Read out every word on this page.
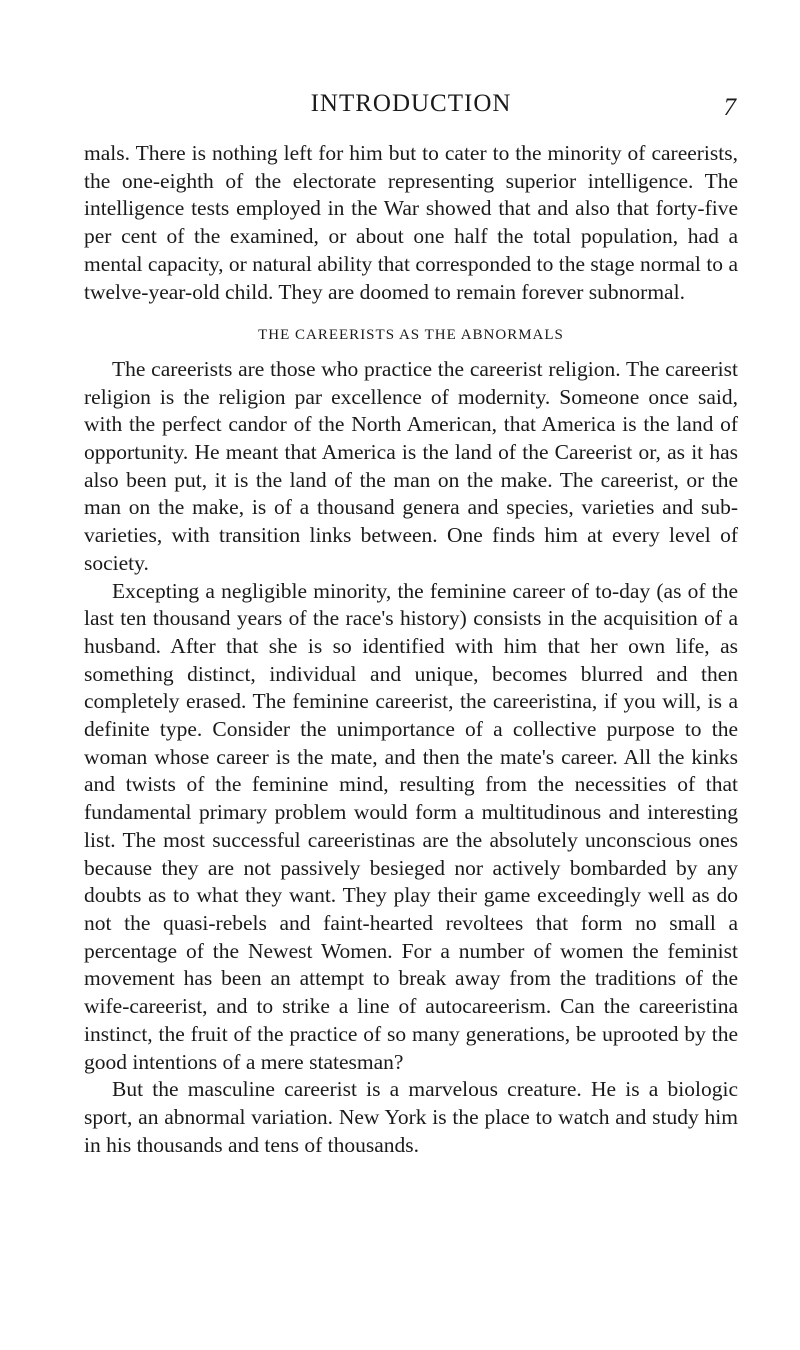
INTRODUCTION	7

mals. There is nothing left for him but to cater to the minority of careerists, the one-eighth of the electorate representing superior intelligence. The intelligence tests employed in the War showed that and also that forty-five per cent of the examined, or about one half the total population, had a mental capacity, or natural ability that corresponded to the stage normal to a twelve-year-old child. They are doomed to remain forever subnormal.

THE CAREERISTS AS THE ABNORMALS

The careerists are those who practice the careerist religion. The careerist religion is the religion par excellence of modernity. Someone once said, with the perfect candor of the North American, that America is the land of opportunity. He meant that America is the land of the Careerist or, as it has also been put, it is the land of the man on the make. The careerist, or the man on the make, is of a thousand genera and species, varieties and sub-varieties, with transition links between. One finds him at every level of society.

Excepting a negligible minority, the feminine career of to-day (as of the last ten thousand years of the race's history) consists in the acquisition of a husband. After that she is so identified with him that her own life, as something distinct, individual and unique, becomes blurred and then completely erased. The feminine careerist, the careeristina, if you will, is a definite type. Consider the unimportance of a collective purpose to the woman whose career is the mate, and then the mate's career. All the kinks and twists of the feminine mind, resulting from the necessities of that fundamental primary problem would form a multitudinous and interesting list. The most successful careeristinas are the absolutely unconscious ones because they are not passively besieged nor actively bombarded by any doubts as to what they want. They play their game exceedingly well as do not the quasi-rebels and faint-hearted revoltees that form no small a percentage of the Newest Women. For a number of women the feminist movement has been an attempt to break away from the traditions of the wife-careerist, and to strike a line of autocareerism. Can the careeristina instinct, the fruit of the practice of so many generations, be uprooted by the good intentions of a mere statesman?

But the masculine careerist is a marvelous creature. He is a biologic sport, an abnormal variation. New York is the place to watch and study him in his thousands and tens of thousands.
